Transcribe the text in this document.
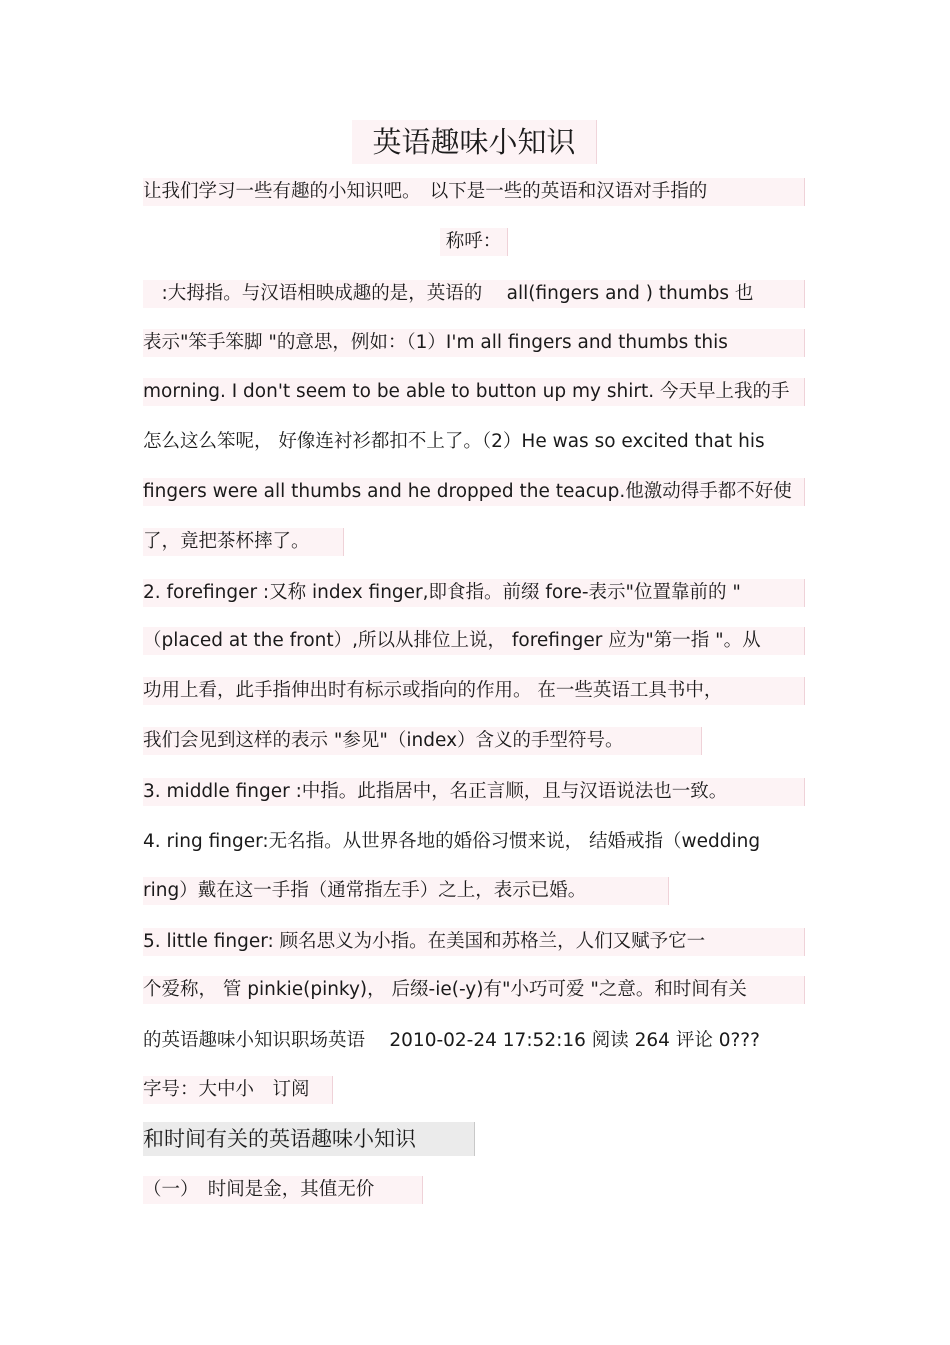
英语趣味小知识
让我们学习一些有趣的小知识吧。　以下是一些的英语和汉语对手指的
称呼：
　:大拇指。与汉语相映成趣的是，英语的　 all(fingers and ) thumbs 也
表示"笨手笨脚 "的意思，例如：（1）I'm all fingers and thumbs this
morning. I don't seem to be able to button up my shirt. 今天早上我的手
怎么这么笨呢， 好像连衬衫都扣不上了。（2）He was so excited that his
fingers were all thumbs and he dropped the teacup.他激动得手都不好使
了，竟把茶杯摔了。
2. forefinger :又称 index finger,即食指。前缀 fore-表示"位置靠前的 "
（placed at the front）,所以从排位上说， forefinger 应为"第一指 "。从
功用上看，此手指伸出时有标示或指向的作用。 在一些英语工具书中，
我们会见到这样的表示 "参见"（index）含义的手型符号。
3. middle finger :中指。此指居中，名正言顺，且与汉语说法也一致。
4. ring finger:无名指。从世界各地的婚俗习惯来说， 结婚戒指（wedding
ring）戴在这一手指（通常指左手）之上，表示已婚。
5. little finger: 顾名思义为小指。在美国和苏格兰，人们又赋予它一
个爱称， 管 pinkie(pinky)， 后缀-ie(-y)有"小巧可爱 "之意。和时间有关
的英语趣味小知识职场英语　 2010-02-24 17:52:16 阅读 264 评论 0???
字号：大中小　订阅
和时间有关的英语趣味小知识
（一）　时间是金，其值无价
